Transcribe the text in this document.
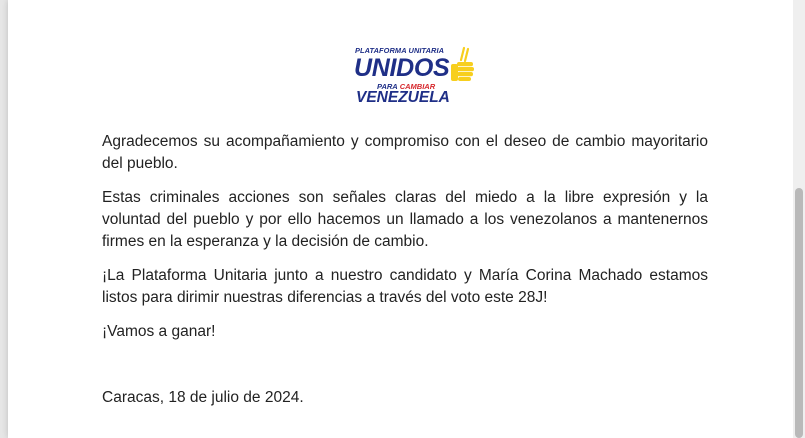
PLATAFORMA UNITARIA
UNIDOS
PARA CAMBIAR
VENEZUELA

Agradecemos su acompañamiento y compromiso con el deseo de cambio mayoritario del pueblo.

Estas criminales acciones son señales claras del miedo a la libre expresión y la voluntad del pueblo y por ello hacemos un llamado a los venezolanos a mantenernos firmes en la esperanza y la decisión de cambio.

¡La Plataforma Unitaria junto a nuestro candidato y María Corina Machado estamos listos para dirimir nuestras diferencias a través del voto este 28J!

¡Vamos a ganar!

Caracas, 18 de julio de 2024.
